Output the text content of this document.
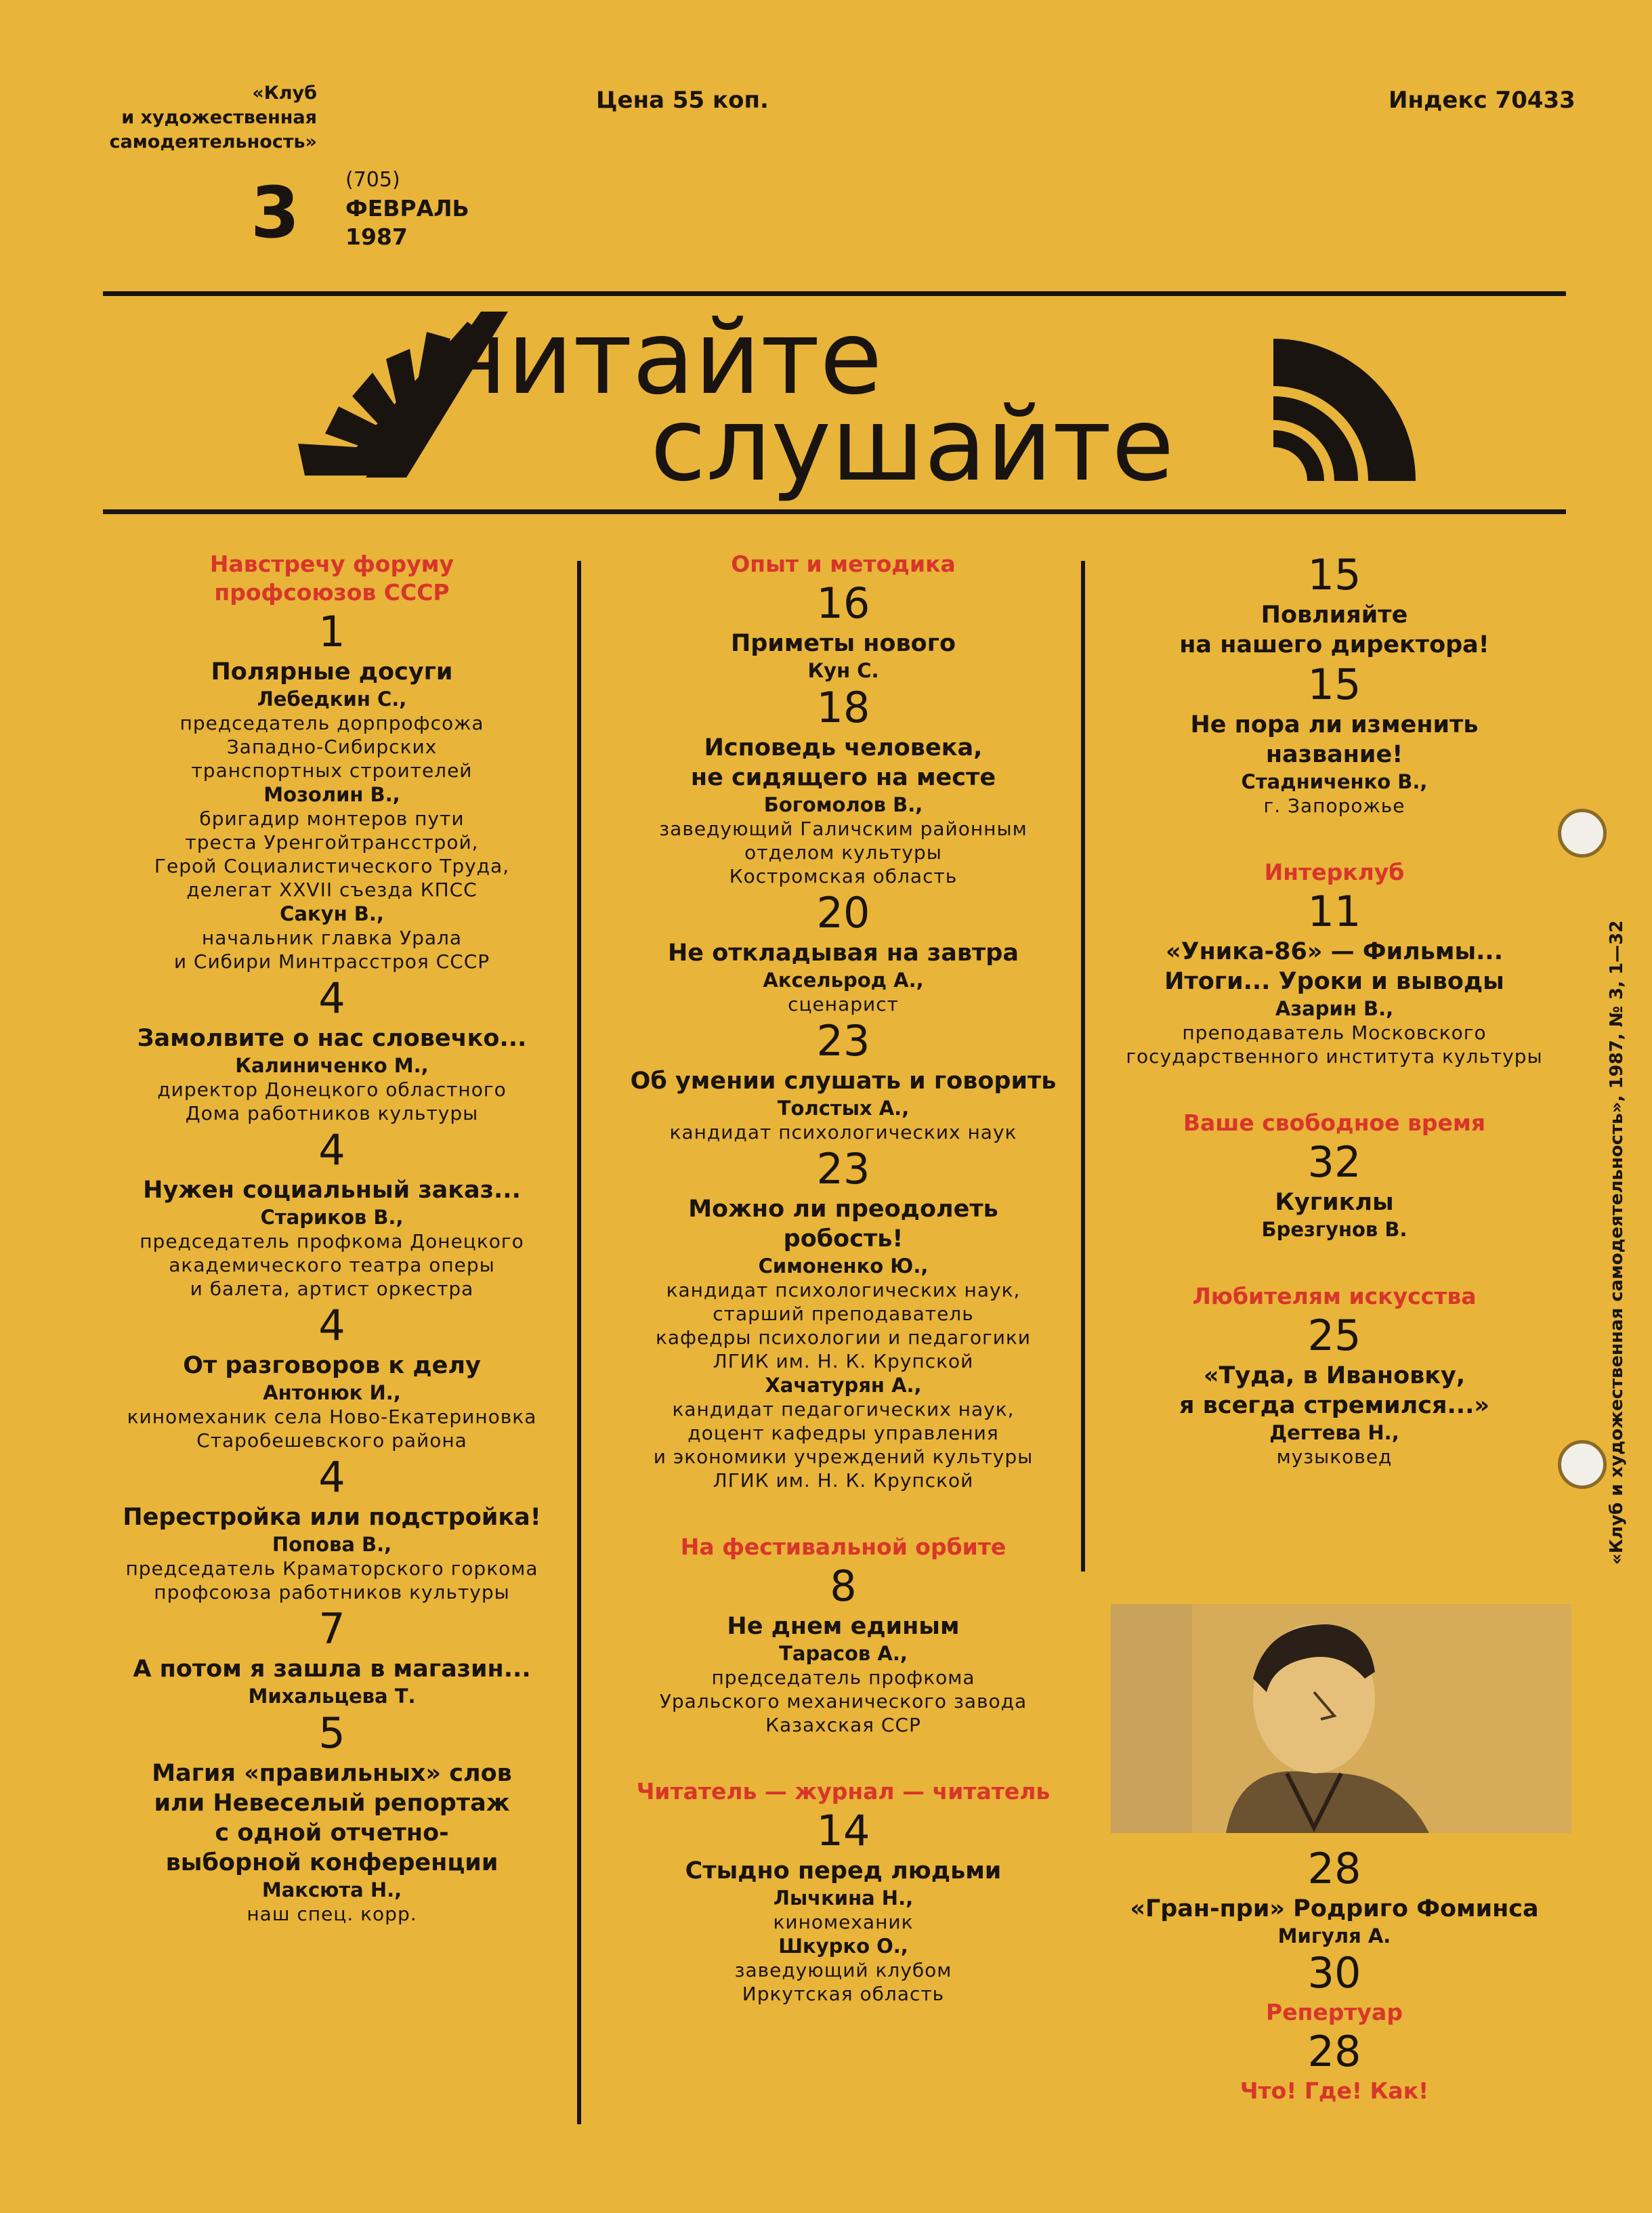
«Клуб
и художественная
самодеятельность»
Цена 55 коп.	Индекс 70433
3 (705)
ФЕВРАЛЬ
1987
читайте
слушайте
Навстречу форуму
профсоюзов СССР
1
Полярные досуги
Лебедкин С.,
председатель дорпрофсожа
Западно-Сибирских
транспортных строителей
Мозолин В.,
бригадир монтеров пути
треста Уренгойтрансстрой,
Герой Социалистического Труда,
делегат XXVII съезда КПСС
Сакун В.,
начальник главка Урала
и Сибири Минтрасстроя СССР
4
Замолвите о нас словечко...
Калиниченко М.,
директор Донецкого областного
Дома работников культуры
4
Нужен социальный заказ...
Стариков В.,
председатель профкома Донецкого
академического театра оперы
и балета, артист оркестра
4
От разговоров к делу
Антонюк И.,
киномеханик села Ново-Екатериновка
Старобешевского района
4
Перестройка или подстройка!
Попова В.,
председатель Краматорского горкома
профсоюза работников культуры
7
А потом я зашла в магазин...
Михальцева Т.
5
Магия «правильных» слов
или Невеселый репортаж
с одной отчетно-
выборной конференции
Максюта Н.,
наш спец. корр.
Опыт и методика
16
Приметы нового
Кун С.
18
Исповедь человека,
не сидящего на месте
Богомолов В.,
заведующий Галичским районным
отделом культуры
Костромская область
20
Не откладывая на завтра
Аксельрод А.,
сценарист
23
Об умении слушать и говорить
Толстых А.,
кандидат психологических наук
23
Можно ли преодолеть
робость!
Симоненко Ю.,
кандидат психологических наук,
старший преподаватель
кафедры психологии и педагогики
ЛГИК им. Н. К. Крупской
Хачатурян А.,
кандидат педагогических наук,
доцент кафедры управления
и экономики учреждений культуры
ЛГИК им. Н. К. Крупской
На фестивальной орбите
8
Не днем единым
Тарасов А.,
председатель профкома
Уральского механического завода
Казахская ССР
Читатель — журнал — читатель
14
Стыдно перед людьми
Лычкина Н.,
киномеханик
Шкурко О.,
заведующий клубом
Иркутская область
15
Повлияйте
на нашего директора!
15
Не пора ли изменить
название!
Стадниченко В.,
г. Запорожье
Интерклуб
11
«Уника-86» — Фильмы...
Итоги... Уроки и выводы
Азарин В.,
преподаватель Московского
государственного института культуры
Ваше свободное время
32
Кугиклы
Брезгунов В.
Любителям искусства
25
«Туда, в Ивановку,
я всегда стремился...»
Дегтева Н.,
музыковед
28
«Гран-при» Родриго Фоминса
Мигуля А.
30
Репертуар
28
Что! Где! Как!
«Клуб и художественная самодеятельность», 1987, № 3, 1—32
